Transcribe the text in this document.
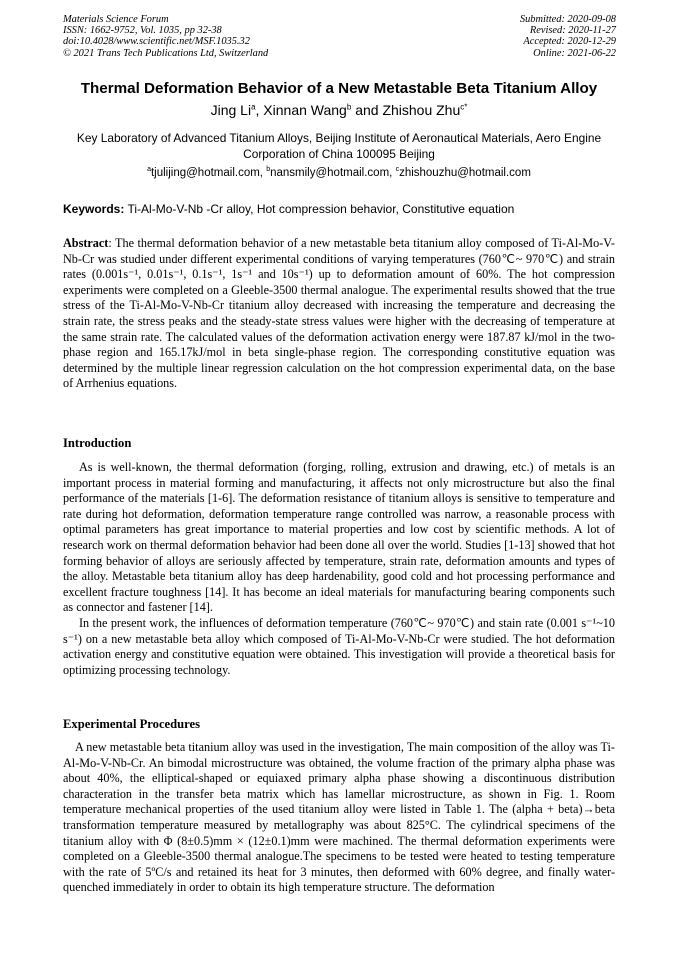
Materials Science Forum
ISSN: 1662-9752, Vol. 1035, pp 32-38
doi:10.4028/www.scientific.net/MSF.1035.32
© 2021 Trans Tech Publications Ltd, Switzerland
Submitted: 2020-09-08
Revised: 2020-11-27
Accepted: 2020-12-29
Online: 2021-06-22
Thermal Deformation Behavior of a New Metastable Beta Titanium Alloy
Jing Li$^a$, Xinnan Wang$^b$ and Zhishou Zhu$^{c*}$
Key Laboratory of Advanced Titanium Alloys, Beijing Institute of Aeronautical Materials, Aero Engine Corporation of China 100095 Beijing
$^a$tjulijing@hotmail.com, $^b$nansmily@hotmail.com, $^c$zhishouzhu@hotmail.com
Keywords: Ti-Al-Mo-V-Nb -Cr alloy, Hot compression behavior, Constitutive equation

Abstract: The thermal deformation behavior of a new metastable beta titanium alloy composed of Ti-Al-Mo-V-Nb-Cr was studied under different experimental conditions of varying temperatures (760℃~ 970℃) and strain rates (0.001s⁻¹, 0.01s⁻¹, 0.1s⁻¹, 1s⁻¹ and 10s⁻¹) up to deformation amount of 60%. The hot compression experiments were completed on a Gleeble-3500 thermal analogue. The experimental results showed that the true stress of the Ti-Al-Mo-V-Nb-Cr titanium alloy decreased with increasing the temperature and decreasing the strain rate, the stress peaks and the steady-state stress values were higher with the decreasing of temperature at the same strain rate. The calculated values of the deformation activation energy were 187.87 kJ/mol in the two-phase region and 165.17kJ/mol in beta single-phase region. The corresponding constitutive equation was determined by the multiple linear regression calculation on the hot compression experimental data, on the base of Arrhenius equations.

Introduction

As is well-known, the thermal deformation (forging, rolling, extrusion and drawing, etc.) of metals is an important process in material forming and manufacturing, it affects not only microstructure but also the final performance of the materials [1-6]. The deformation resistance of titanium alloys is sensitive to temperature and rate during hot deformation, deformation temperature range controlled was narrow, a reasonable process with optimal parameters has great importance to material properties and low cost by scientific methods. A lot of research work on thermal deformation behavior had been done all over the world. Studies [1-13] showed that hot forming behavior of alloys are seriously affected by temperature, strain rate, deformation amounts and types of the alloy. Metastable beta titanium alloy has deep hardenability, good cold and hot processing performance and excellent fracture toughness [14]. It has become an ideal materials for manufacturing bearing components such as connector and fastener [14].

In the present work, the influences of deformation temperature (760℃~ 970℃) and stain rate (0.001 s⁻¹~10 s⁻¹) on a new metastable beta alloy which composed of Ti-Al-Mo-V-Nb-Cr were studied. The hot deformation activation energy and constitutive equation were obtained. This investigation will provide a theoretical basis for optimizing processing technology.

Experimental Procedures

A new metastable beta titanium alloy was used in the investigation, The main composition of the alloy was Ti-Al-Mo-V-Nb-Cr. An bimodal microstructure was obtained, the volume fraction of the primary alpha phase was about 40%, the elliptical-shaped or equiaxed primary alpha phase showing a discontinuous distribution characteration in the transfer beta matrix which has lamellar microstructure, as shown in Fig. 1. Room temperature mechanical properties of the used titanium alloy were listed in Table 1. The (alpha + beta)→beta transformation temperature measured by metallography was about 825°C. The cylindrical specimens of the titanium alloy with Φ (8±0.5)mm × (12±0.1)mm were machined. The thermal deformation experiments were completed on a Gleeble-3500 thermal analogue.The specimens to be tested were heated to testing temperature with the rate of 5ºC/s and retained its heat for 3 minutes, then deformed with 60% degree, and finally water-quenched immediately in order to obtain its high temperature structure. The deformation
